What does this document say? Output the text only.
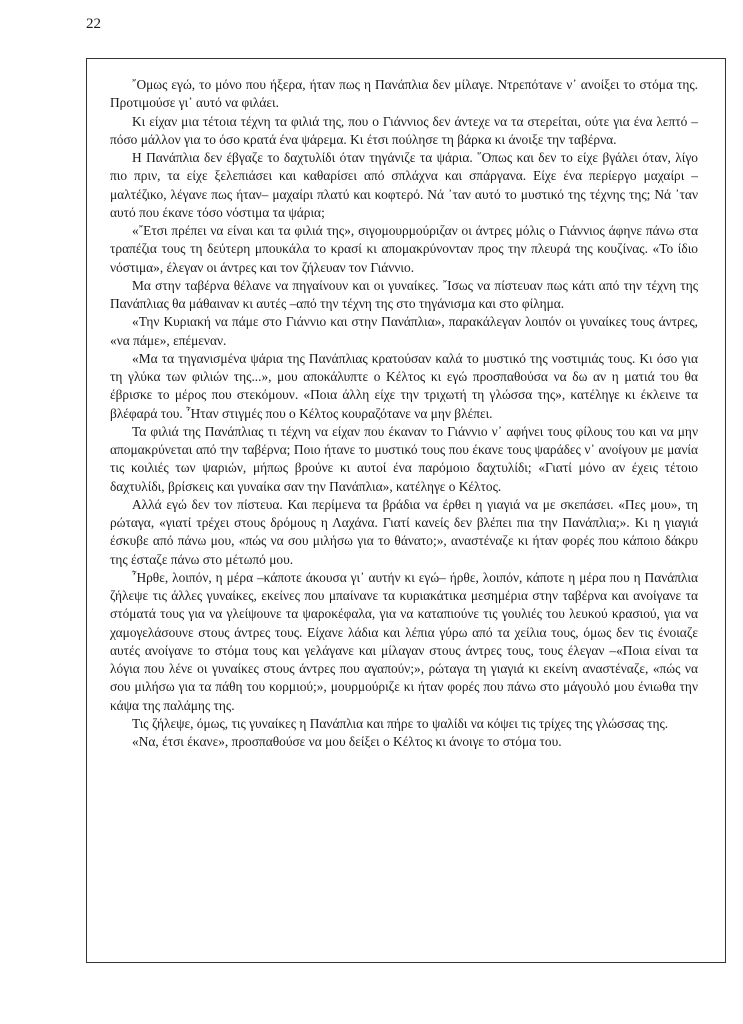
22

῎Ομως εγώ, το μόνο που ήξερα, ήταν πως η Πανάπλια δεν μίλαγε. Ντρεπότανε ν᾿ ανοίξει το στόμα της. Προτιμούσε γι᾿ αυτό να φιλάει.

Κι είχαν μια τέτοια τέχνη τα φιλιά της, που ο Γιάννιος δεν άντεχε να τα στερείται, ούτε για ένα λεπτό –πόσο μάλλον για το όσο κρατά ένα ψάρεμα. Κι έτσι πούλησε τη βάρκα κι άνοιξε την ταβέρνα.

Η Πανάπλια δεν έβγαζε το δαχτυλίδι όταν τηγάνιζε τα ψάρια. ῞Οπως και δεν το είχε βγάλει όταν, λίγο πιο πριν, τα είχε ξελεπιάσει και καθαρίσει από σπλάχνα και σπάργανα. Είχε ένα περίεργο μαχαίρι –μαλτέζικο, λέγανε πως ήταν– μαχαίρι πλατύ και κοφτερό. Νά ᾿ταν αυτό το μυστικό της τέχνης της; Νά ᾿ταν αυτό που έκανε τόσο νόστιμα τα ψάρια;

«῎Ετσι πρέπει να είναι και τα φιλιά της», σιγομουρμούριζαν οι άντρες μόλις ο Γιάννιος άφηνε πάνω στα τραπέζια τους τη δεύτερη μπουκάλα το κρασί κι απομακρύνονταν προς την πλευρά της κουζίνας. «Το ίδιο νόστιμα», έλεγαν οι άντρες και τον ζήλευαν τον Γιάννιο.

Μα στην ταβέρνα θέλανε να πηγαίνουν και οι γυναίκες. ῎Ισως να πίστευαν πως κάτι από την τέχνη της Πανάπλιας θα μάθαιναν κι αυτές –από την τέχνη της στο τηγάνισμα και στο φίλημα.

«Την Κυριακή να πάμε στο Γιάννιο και στην Πανάπλια», παρακάλεγαν λοιπόν οι γυναίκες τους άντρες, «να πάμε», επέμεναν.

«Μα τα τηγανισμένα ψάρια της Πανάπλιας κρατούσαν καλά το μυστικό της νοστιμιάς τους. Κι όσο για τη γλύκα των φιλιών της...», μου αποκάλυπτε ο Κέλτος κι εγώ προσπαθούσα να δω αν η ματιά του θα έβρισκε το μέρος που στεκόμουν. «Ποια άλλη είχε την τριχωτή τη γλώσσα της», κατέληγε κι έκλεινε τα βλέφαρά του. ῏Ηταν στιγμές που ο Κέλτος κουραζότανε να μην βλέπει.

Τα φιλιά της Πανάπλιας τι τέχνη να είχαν που έκαναν το Γιάννιο ν᾿ αφήνει τους φίλους του και να μην απομακρύνεται από την ταβέρνα; Ποιο ήτανε το μυστικό τους που έκανε τους ψαράδες ν᾿ ανοίγουν με μανία τις κοιλιές των ψαριών, μήπως βρούνε κι αυτοί ένα παρόμοιο δαχτυλίδι; «Γιατί μόνο αν έχεις τέτοιο δαχτυλίδι, βρίσκεις και γυναίκα σαν την Πανάπλια», κατέληγε ο Κέλτος.

Αλλά εγώ δεν τον πίστευα. Και περίμενα τα βράδια να έρθει η γιαγιά να με σκεπάσει. «Πες μου», τη ρώταγα, «γιατί τρέχει στους δρόμους η Λαχάνα. Γιατί κανείς δεν βλέπει πια την Πανάπλια;». Κι η γιαγιά έσκυβε από πάνω μου, «πώς να σου μιλήσω για το θάνατο;», αναστέναζε κι ήταν φορές που κάποιο δάκρυ της έσταζε πάνω στο μέτωπό μου.

῏Ηρθε, λοιπόν, η μέρα –κάποτε άκουσα γι᾿ αυτήν κι εγώ– ήρθε, λοιπόν, κάποτε η μέρα που η Πανάπλια ζήλεψε τις άλλες γυναίκες, εκείνες που μπαίνανε τα κυριακάτικα μεσημέρια στην ταβέρνα και ανοίγανε τα στόματά τους για να γλείψουνε τα ψαροκέφαλα, για να καταπιούνε τις γουλιές του λευκού κρασιού, για να χαμογελάσουνε στους άντρες τους. Είχανε λάδια και λέπια γύρω από τα χείλια τους, όμως δεν τις ένοιαζε αυτές ανοίγανε το στόμα τους και γελάγανε και μίλαγαν στους άντρες τους, τους έλεγαν –«Ποια είναι τα λόγια που λένε οι γυναίκες στους άντρες που αγαπούν;», ρώταγα τη γιαγιά κι εκείνη αναστέναζε, «πώς να σου μιλήσω για τα πάθη του κορμιού;», μουρμούριζε κι ήταν φορές που πάνω στο μάγουλό μου ένιωθα την κάψα της παλάμης της.

Τις ζήλεψε, όμως, τις γυναίκες η Πανάπλια και πήρε το ψαλίδι να κόψει τις τρίχες της γλώσσας της.

«Να, έτσι έκανε», προσπαθούσε να μου δείξει ο Κέλτος κι άνοιγε το στόμα του.
